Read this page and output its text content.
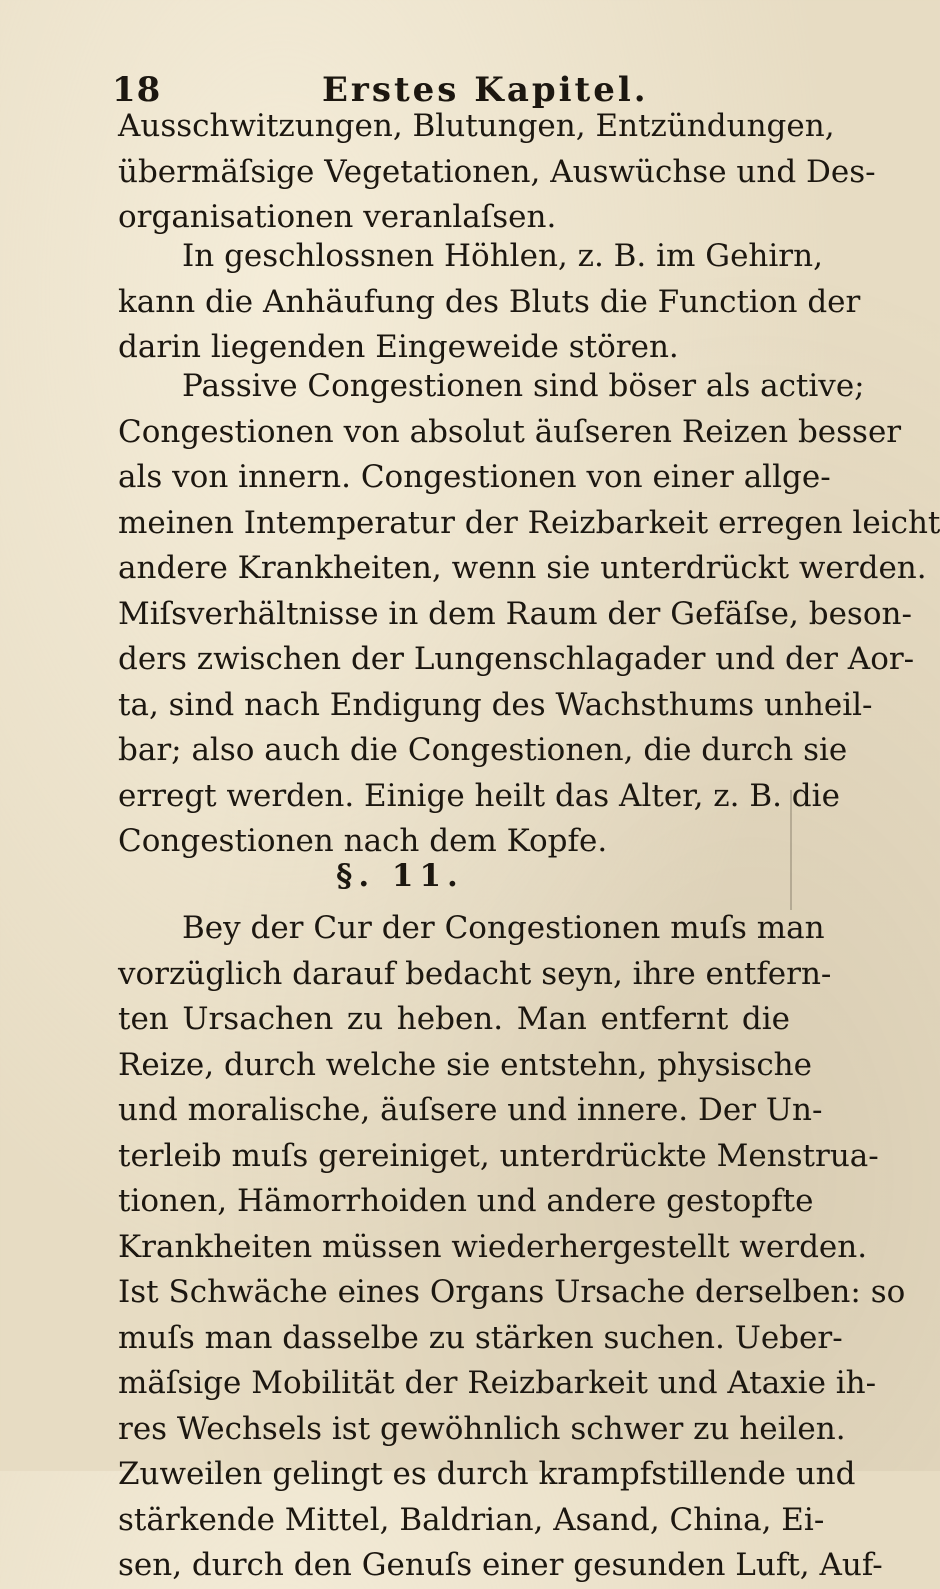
18	Erstes Kapitel.
Ausschwitzungen, Blutungen, Entzündungen,
übermäſsige Vegetationen, Auswüchse und Des-
organisationen veranlaſsen.
In geschlossnen Höhlen, z. B. im Gehirn,
kann die Anhäufung des Bluts die Function der
darin liegenden Eingeweide stören.
Passive Congestionen sind böser als active;
Congestionen von absolut äuſseren Reizen besser
als von innern. Congestionen von einer allge-
meinen Intemperatur der Reizbarkeit erregen leicht
andere Krankheiten, wenn sie unterdrückt werden.
Miſsverhältnisse in dem Raum der Gefäſse, beson-
ders zwischen der Lungenschlagader und der Aor-
ta, sind nach Endigung des Wachsthums unheil-
bar; also auch die Congestionen, die durch sie
erregt werden. Einige heilt das Alter, z. B. die
Congestionen nach dem Kopfe.
§. 11.
Bey der Cur der Congestionen muſs man
vorzüglich darauf bedacht seyn, ihre entfern-
ten Ursachen zu heben. Man entfernt die
Reize, durch welche sie entstehn, physische
und moralische, äuſsere und innere. Der Un-
terleib muſs gereiniget, unterdrückte Menstrua-
tionen, Hämorrhoiden und andere gestopfte
Krankheiten müssen wiederhergestellt werden.
Ist Schwäche eines Organs Ursache derselben: so
muſs man dasselbe zu stärken suchen. Ueber-
mäſsige Mobilität der Reizbarkeit und Ataxie ih-
res Wechsels ist gewöhnlich schwer zu heilen.
Zuweilen gelingt es durch krampfstillende und
stärkende Mittel, Baldrian, Asand, China, Ei-
sen, durch den Genuſs einer gesunden Luft, Auf-
